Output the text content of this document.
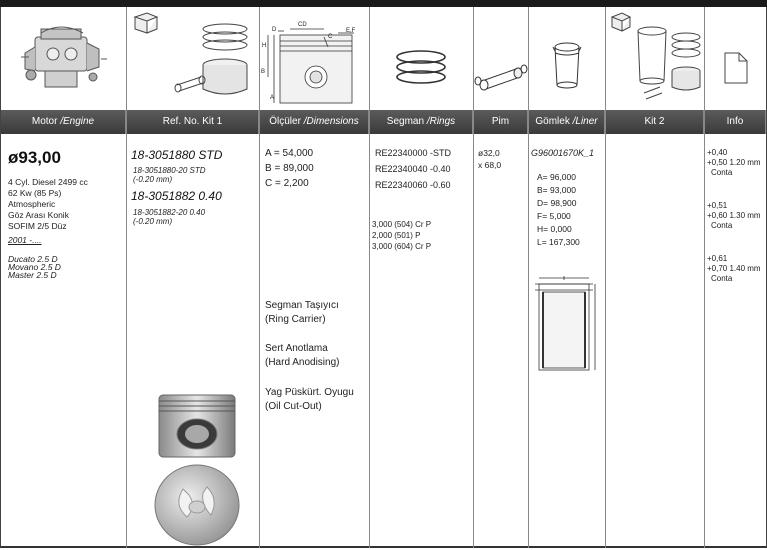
Motor /Engine
ø93,00
4 Cyl. Diesel 2499 cc
62 Kw (85 Ps)
Atmospheric
Göz Arası Konik
SOFIM 2/5 Düz
2001 -....
Ducato 2.5 D
Movano 2.5 D
Master 2.5 D
Ref. No. Kit 1
18-3051880 STD
18-3051880-20 STD
(-0.20 mm)
18-3051882 0.40
18-3051882-20 0.40
(-0.20 mm)
CD
D
C
E,F
H
B
A
Ölçüler /Dimensions
A = 54,000
B = 89,000
C = 2,200
Segman Taşıyıcı
(Ring Carrier)
Sert Anotlama
(Hard Anodising)
Yag Püskürt. Oyugu
(Oil Cut-Out)
Segman /Rings
RE22340000 -STD
RE22340040 -0.40
RE22340060 -0.60
3,000 (504) Cr P
2,000 (501) P
3,000 (604) Cr P
Pim
ø32,0
x 68,0
Gömlek /Liner
G96001670K_1
A= 96,000
B= 93,000
D= 98,900
F= 5,000
H= 0,000
L= 167,300
Kit 2	Info
+0,40
+0,50 1.20 mm
Conta
+0,51
+0,60 1.30 mm
Conta
+0,61
+0,70 1.40 mm
Conta
